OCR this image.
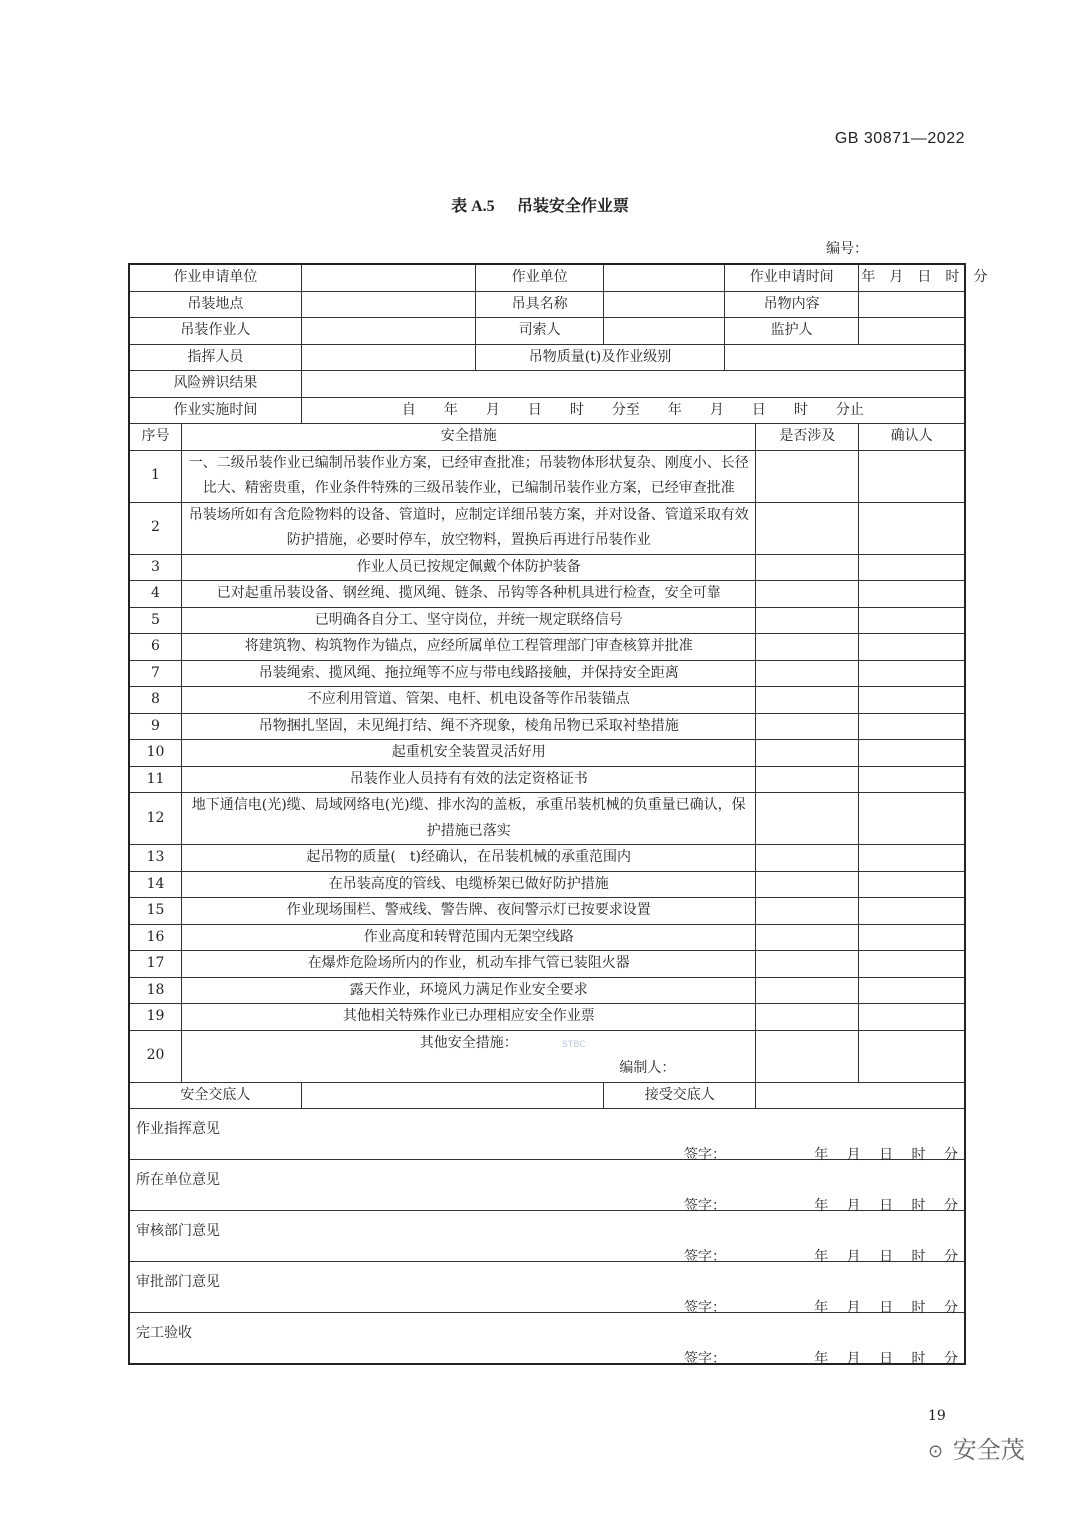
GB 30871—2022
表 A.5 吊装安全作业票
编号：
作业申请单位			作业单位		作业申请时间		年　月　日　时　分
吊装地点			吊具名称		吊物内容		
吊装作业人			司索人		监护人		
指挥人员			吊物质量(t)及作业级别				
风险辨识结果							
作业实施时间		自　　年　　月　　日　　时　　分至　　年　　月　　日　　时　　分止					
序号	安全措施					是否涉及	确认人
1	一、二级吊装作业已编制吊装作业方案，已经审查批准；吊装物体形状复杂、刚度小、长径比大、精密贵重，作业条件特殊的三级吊装作业，已编制吊装作业方案，已经审查批准						
2	吊装场所如有含危险物料的设备、管道时，应制定详细吊装方案，并对设备、管道采取有效防护措施，必要时停车，放空物料，置换后再进行吊装作业						
3	作业人员已按规定佩戴个体防护装备						
4	已对起重吊装设备、钢丝绳、揽风绳、链条、吊钩等各种机具进行检查，安全可靠						
5	已明确各自分工、坚守岗位，并统一规定联络信号						
6	将建筑物、构筑物作为锚点，应经所属单位工程管理部门审查核算并批准						
7	吊装绳索、揽风绳、拖拉绳等不应与带电线路接触，并保持安全距离						
8	不应利用管道、管架、电杆、机电设备等作吊装锚点						
9	吊物捆扎坚固，未见绳打结、绳不齐现象，棱角吊物已采取衬垫措施						
10	起重机安全装置灵活好用						
11	吊装作业人员持有有效的法定资格证书						
12	地下通信电(光)缆、局域网络电(光)缆、排水沟的盖板，承重吊装机械的负重量已确认，保护措施已落实						
13	起吊物的质量(　t)经确认，在吊装机械的承重范围内						
14	在吊装高度的管线、电缆桥架已做好防护措施						
15	作业现场围栏、警戒线、警告牌、夜间警示灯已按要求设置						
16	作业高度和转臂范围内无架空线路						
17	在爆炸危险场所内的作业，机动车排气管已装阻火器						
18	露天作业，环境风力满足作业安全要求						
19	其他相关特殊作业已办理相应安全作业票						
20	其他安全措施： STBC
编制人：						

安全交底人				接受交底人			

作业指挥意见
签字： 年 月 日 时 分							

所在单位意见
签字： 年 月 日 时 分							

审核部门意见
签字： 年 月 日 时 分							

审批部门意见
签字： 年 月 日 时 分							

完工验收
签字： 年 月 日 时 分							
19
⊙ 安全茂
